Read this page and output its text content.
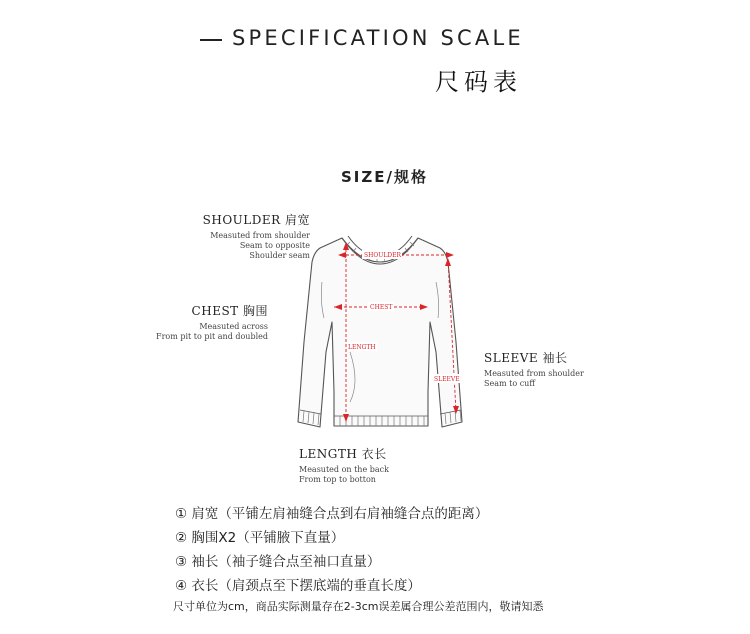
SPECIFICATION SCALE
尺码表
SIZE/规格
SHOULDER 肩宽
Measuted from shoulder
Seam to opposite
Shoulder seam
CHEST 胸围
Measuted across
From pit to pit and doubled
SLEEVE 袖长
Measuted from shoulder
Seam to cuff
LENGTH 衣长
Measuted on the back
From top to botton
SHOULDER
CHEST
LENGTH
SLEEVE
① 肩宽（平铺左肩袖缝合点到右肩袖缝合点的距离）
② 胸围X2（平铺腋下直量）
③ 袖长（袖子缝合点至袖口直量）
④ 衣长（肩颈点至下摆底端的垂直长度）
尺寸单位为cm，商品实际测量存在2-3cm误差属合理公差范围内，敬请知悉
